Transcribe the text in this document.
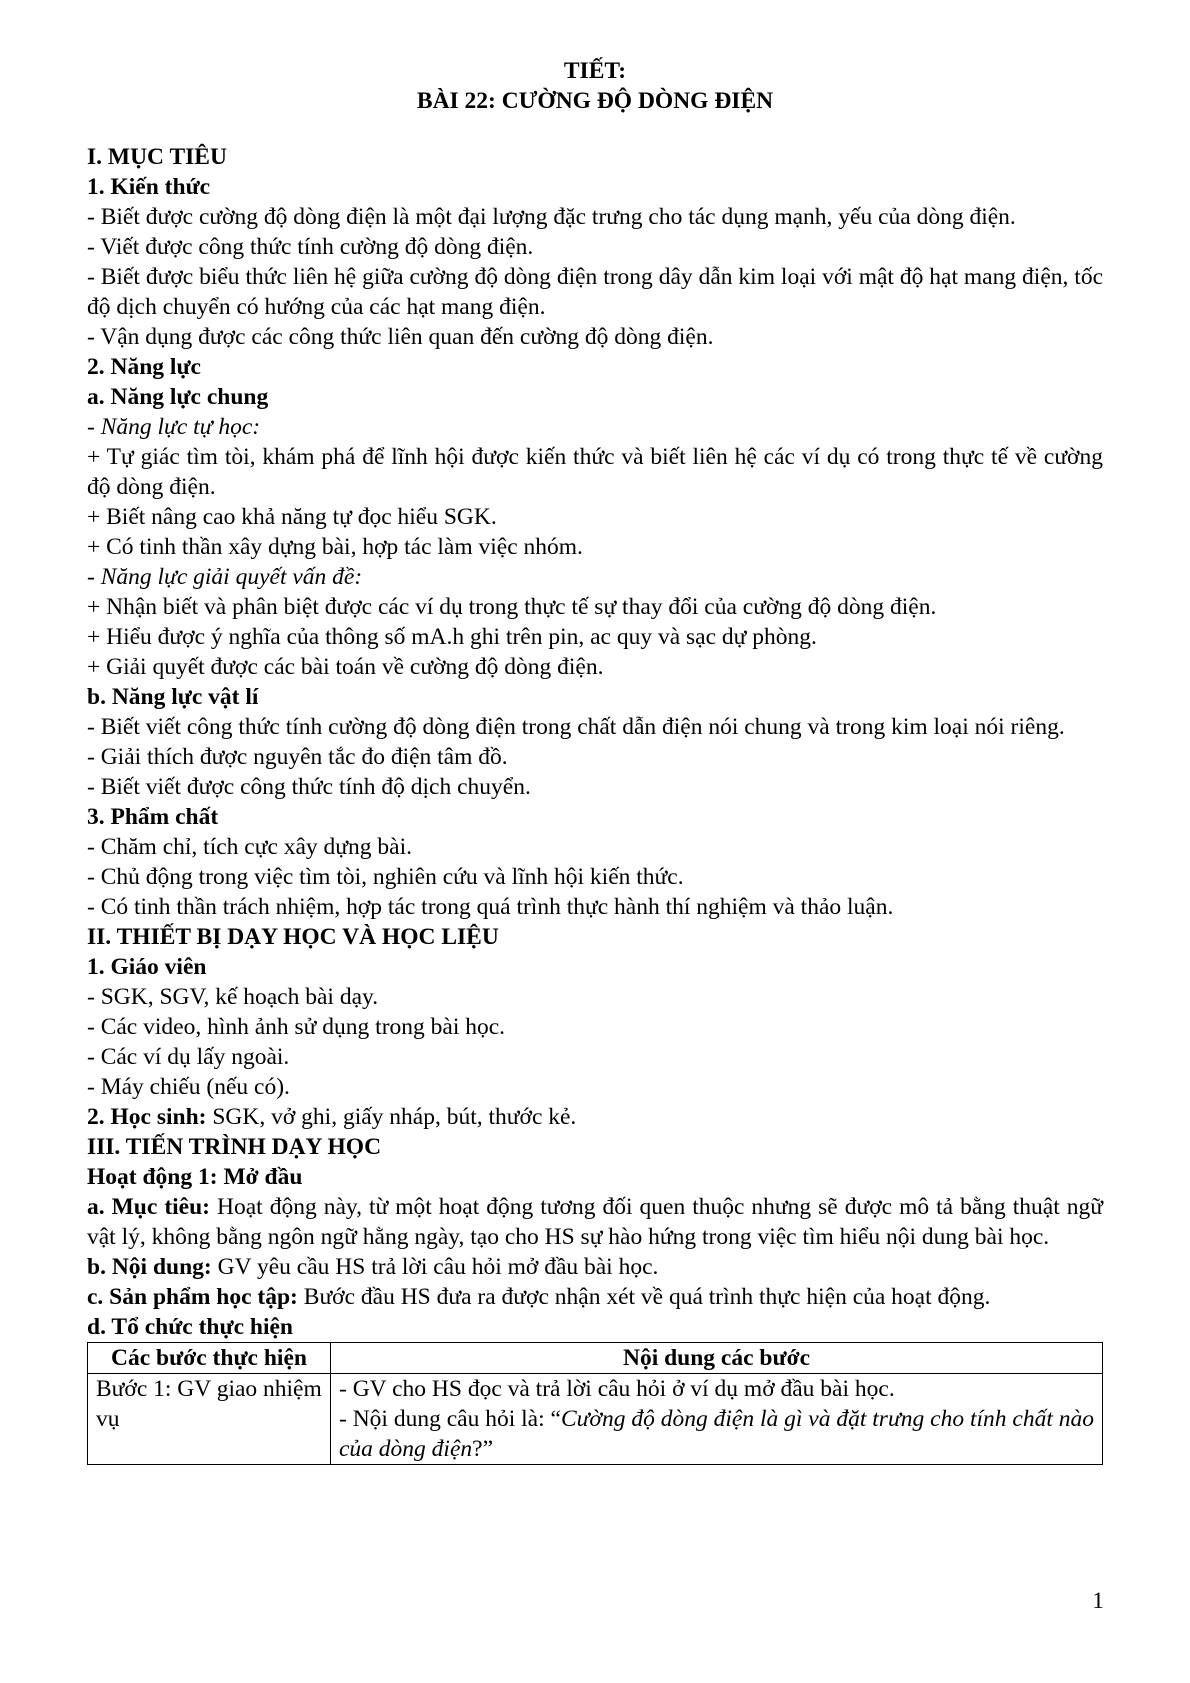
TIẾT:
BÀI 22: CƯỜNG ĐỘ DÒNG ĐIỆN
I. MỤC TIÊU
1. Kiến thức

- Biết được cường độ dòng điện là một đại lượng đặc trưng cho tác dụng mạnh, yếu của dòng điện.

- Viết được công thức tính cường độ dòng điện.

- Biết được biểu thức liên hệ giữa cường độ dòng điện trong dây dẫn kim loại với mật độ hạt mang điện, tốc độ dịch chuyển có hướng của các hạt mang điện.

- Vận dụng được các công thức liên quan đến cường độ dòng điện.

2. Năng lực
a. Năng lực chung

- Năng lực tự học:

+ Tự giác tìm tòi, khám phá để lĩnh hội được kiến thức và biết liên hệ các ví dụ có trong thực tế về cường độ dòng điện.

+ Biết nâng cao khả năng tự đọc hiểu SGK.

+ Có tinh thần xây dựng bài, hợp tác làm việc nhóm.

- Năng lực giải quyết vấn đề:

+ Nhận biết và phân biệt được các ví dụ trong thực tế sự thay đổi của cường độ dòng điện.

+ Hiểu được ý nghĩa của thông số mA.h ghi trên pin, ac quy và sạc dự phòng.

+ Giải quyết được các bài toán về cường độ dòng điện.

b. Năng lực vật lí

- Biết viết công thức tính cường độ dòng điện trong chất dẫn điện nói chung và trong kim loại nói riêng.

- Giải thích được nguyên tắc đo điện tâm đồ.

- Biết viết được công thức tính độ dịch chuyển.

3. Phẩm chất

- Chăm chỉ, tích cực xây dựng bài.

- Chủ động trong việc tìm tòi, nghiên cứu và lĩnh hội kiến thức.

- Có tinh thần trách nhiệm, hợp tác trong quá trình thực hành thí nghiệm và thảo luận.

II. THIẾT BỊ DẠY HỌC VÀ HỌC LIỆU
1. Giáo viên

- SGK, SGV, kế hoạch bài dạy.

- Các video, hình ảnh sử dụng trong bài học.

- Các ví dụ lấy ngoài.

- Máy chiếu (nếu có).

2. Học sinh: SGK, vở ghi, giấy nháp, bút, thước kẻ.

III. TIẾN TRÌNH DẠY HỌC
Hoạt động 1: Mở đầu

a. Mục tiêu: Hoạt động này, từ một hoạt động tương đối quen thuộc nhưng sẽ được mô tả bằng thuật ngữ vật lý, không bằng ngôn ngữ hằng ngày, tạo cho HS sự hào hứng trong việc tìm hiểu nội dung bài học.

b. Nội dung: GV yêu cầu HS trả lời câu hỏi mở đầu bài học.

c. Sản phẩm học tập: Bước đầu HS đưa ra được nhận xét về quá trình thực hiện của hoạt động.

d. Tổ chức thực hiện
Các bước thực hiện	Nội dung các bước
Bước 1: GV giao nhiệm vụ	- GV cho HS đọc và trả lời câu hỏi ở ví dụ mở đầu bài học.
- Nội dung câu hỏi là: “Cường độ dòng điện là gì và đặt trưng cho tính chất nào của dòng điện?”
1
